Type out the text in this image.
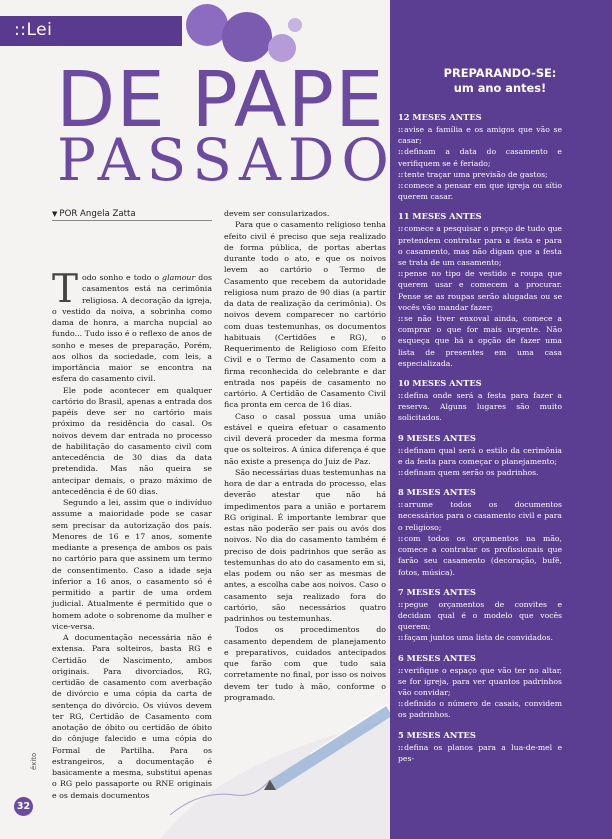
::Lei
DE PAPE
PASSADO
▼ POR Angela Zatta

Todo sonho e todo o glamour dos casamentos está na cerimônia religiosa. A decoração da igreja, o vestido da noiva, a sobrinha como dama de honra, a marcha nupcial ao fundo... Tudo isso é o reflexo de anos de sonho e meses de preparação. Porém, aos olhos da sociedade, com leis, a importância maior se encontra na esfera do casamento civil.

Ele pode acontecer em qualquer cartório do Brasil, apenas a entrada dos papéis deve ser no cartório mais próximo da residência do casal. Os noivos devem dar entrada no processo de habilitação do casamento civil com antecedência de 30 dias da data pretendida. Mas não queira se antecipar demais, o prazo máximo de antecedência é de 60 dias.

Segundo a lei, assim que o indivíduo assume a maioridade pode se casar sem precisar da autorização dos pais. Menores de 16 e 17 anos, somente mediante a presença de ambos os pais no cartório para que assinem um termo de consentimento. Caso a idade seja inferior a 16 anos, o casamento só é permitido a partir de uma ordem judicial. Atualmente é permitido que o homem adote o sobrenome da mulher e vice-versa.

A documentação necessária não é extensa. Para solteiros, basta RG e Certidão de Nascimento, ambos originais. Para divorciados, RG, certidão de casamento com averbação de divórcio e uma cópia da carta de sentença do divórcio. Os viúvos devem ter RG, Certidão de Casamento com anotação de óbito ou certidão de óbito do cônjuge falecido e uma cópia do Formal de Partilha. Para os estrangeiros, a documentação é basicamente a mesma, substitui apenas o RG pelo passaporte ou RNE originais e os demais documentos

devem ser consularizados.

Para que o casamento religioso tenha efeito civil é preciso que seja realizado de forma pública, de portas abertas durante todo o ato, e que os noivos levem ao cartório o Termo de Casamento que recebem da autoridade religiosa num prazo de 90 dias (a partir da data de realização da cerimônia). Os noivos devem comparecer no cartório com duas testemunhas, os documentos habituais (Certidões e RG), o Requerimento de Religioso com Efeito Civil e o Termo de Casamento com a firma reconhecida do celebrante e dar entrada nos papéis de casamento no cartório. A Certidão de Casamento Civil fica pronta em cerca de 16 dias.

Caso o casal possua uma união estável e queira efetuar o casamento civil deverá proceder da mesma forma que os solteiros. A única diferença é que não existe a presença do Juiz de Paz.

São necessárias duas testemunhas na hora de dar a entrada do processo, elas deverão atestar que não há impedimentos para a união e portarem RG original. É importante lembrar que estas não poderão ser pais ou avós dos noivos. No dia do casamento também é preciso de dois padrinhos que serão as testemunhas do ato do casamento em si, elas podem ou não ser as mesmas de antes, a escolha cabe aos noivos. Caso o casamento seja realizado fora do cartório, são necessários quatro padrinhos ou testemunhas.

Todos os procedimentos do casamento dependem de planejamento e preparativos, cuidados antecipados que farão com que tudo saia corretamente no final, por isso os noivos devem ter tudo à mão, conforme o programado.

PREPARANDO-SE:
um ano antes!
12 MESES ANTES
::avise a família e os amigos que vão se casar;
::definam a data do casamento e verifiquem se é feriado;
::tente traçar uma previsão de gastos;
::comece a pensar em que igreja ou sítio querem casar.
11 MESES ANTES
::comece a pesquisar o preço de tudo que pretendem contratar para a festa e para o casamento, mas não digam que a festa se trata de um casamento;
::pense no tipo de vestido e roupa que querem usar e comecem a procurar. Pense se as roupas serão alugadas ou se vocês vão mandar fazer;
::se não tiver enxoval ainda, comece a comprar o que for mais urgente. Não esqueça que há a opção de fazer uma lista de presentes em uma casa especializada.
10 MESES ANTES
::defina onde será a festa para fazer a reserva. Alguns lugares são muito solicitados.
9 MESES ANTES
::definam qual será o estilo da cerimônia e da festa para começar o planejamento;
::definam quem serão os padrinhos.
8 MESES ANTES
::arrume todos os documentos necessários para o casamento civil e para o religioso;
::com todos os orçamentos na mão, comece a contratar os profissionais que farão seu casamento (decoração, bufê, fotos, música).
7 MESES ANTES
::pegue orçamentos de convites e decidam qual é o modelo que vocês querem;
::façam juntos uma lista de convidados.
6 MESES ANTES
::verifique o espaço que vão ter no altar, se for igreja, para ver quantos padrinhos vão convidar;
::definido o número de casais, convidem os padrinhos.
5 MESES ANTES
::defina os planos para a lua-de-mel e pes-
êxito
32
